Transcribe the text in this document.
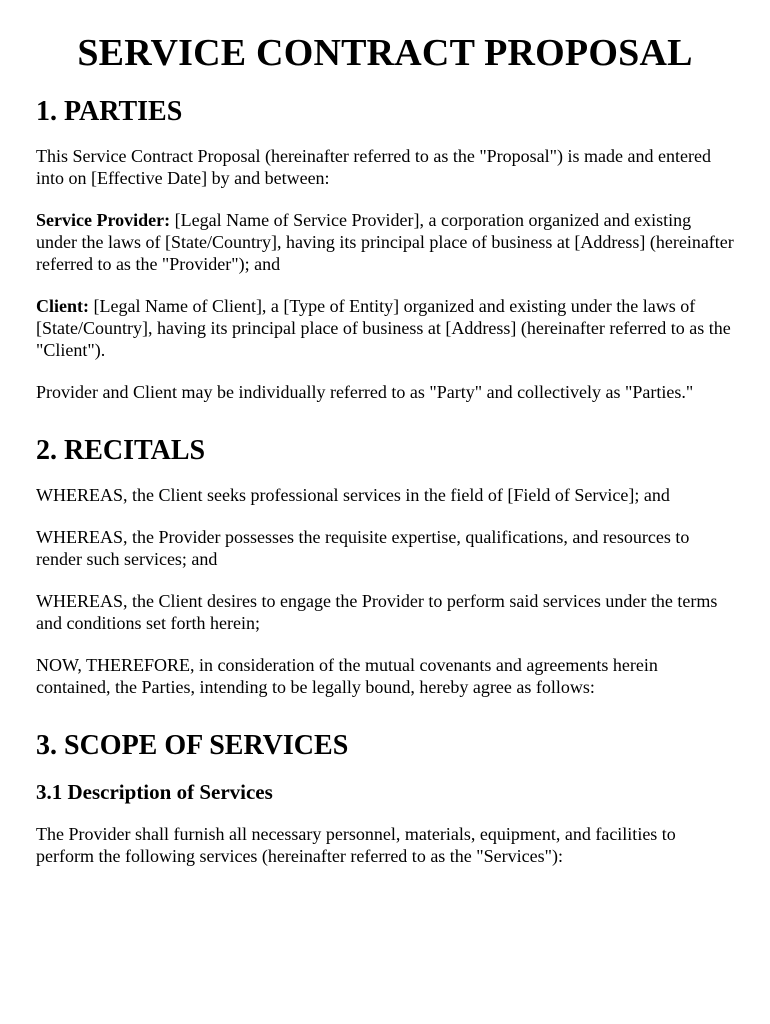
SERVICE CONTRACT PROPOSAL
1. PARTIES

This Service Contract Proposal (hereinafter referred to as the "Proposal") is made and entered into on [Effective Date] by and between:

Service Provider: [Legal Name of Service Provider], a corporation organized and existing under the laws of [State/Country], having its principal place of business at [Address] (hereinafter referred to as the "Provider"); and

Client: [Legal Name of Client], a [Type of Entity] organized and existing under the laws of [State/Country], having its principal place of business at [Address] (hereinafter referred to as the "Client").

Provider and Client may be individually referred to as "Party" and collectively as "Parties."

2. RECITALS

WHEREAS, the Client seeks professional services in the field of [Field of Service]; and

WHEREAS, the Provider possesses the requisite expertise, qualifications, and resources to render such services; and

WHEREAS, the Client desires to engage the Provider to perform said services under the terms and conditions set forth herein;

NOW, THEREFORE, in consideration of the mutual covenants and agreements herein contained, the Parties, intending to be legally bound, hereby agree as follows:

3. SCOPE OF SERVICES
3.1 Description of Services

The Provider shall furnish all necessary personnel, materials, equipment, and facilities to perform the following services (hereinafter referred to as the "Services"):
